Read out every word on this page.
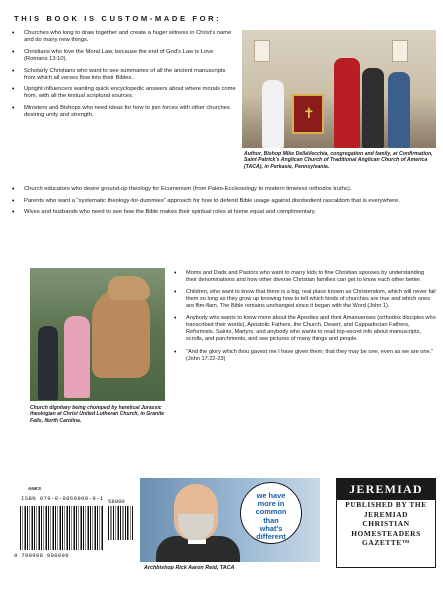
THIS BOOK IS CUSTOM-MADE FOR:
• Churches who long to draw together and create a huger witness in Christ's name and do many new things.
• Christians who love the Moral Law, because the end of God's Law is Love (Romans 13:10).
• Scholarly Christians who want to see summaries of all the ancient manuscripts from which all verses flow into their Bibles.
• Upright influencers wanting quick encyclopedic answers about where morals come from, with all the textual scriptural sources.
• Ministers and Bishops who need ideas for how to join forces with other churches desiring unity and strength.
✝
Author, Bishop Mike DellaVecchia, congregation and family, at Confirmation, Saint Patrick's Anglican Church of Traditional Anglican Church of America (TACA), in Perkasie, Pennsylvania.
• Church educators who desire ground-up theology for Ecumenism (from Paleo-Ecclesiology to modern timeless orthodox truths).
• Parents who want a "systematic theology-for-dummies" approach for how to defend Bible usage against disobedient rascaldom that is everywhere.
• Wives and husbands who need to see how the Bible makes their spiritual roles at home equal and complimentary.
Church dignitary being chomped by heretical Jurassic theologian at Christ United Lutheran Church, in Granite Falls, North Carolina.
• Moms and Dads and Pastors who want to marry kids to fine Christian spouses by understanding their denominations and how other diverse Christian families can get to know each other better.
• Children, who want to know that there is a big, real place known as Christendom, which will never fail them so long as they grow up knowing how to tell which kinds of churches are true and which ones are flim-flam. The Bible remains unchanged since it began with the Word (John 1).
• Anybody who wants to know more about the Apostles and their Amanuenses (orthodox disciples who transcribed their words), Apostolic Fathers, the Church, Desert, and Cappadocian Fathers, Reformists, Saints, Martyrs, and anybody who wants to read top-secret info about manuscripts, scrolls, and parchments, and see pictures of many things and people.
• "And the glory which thou gavest me I have given them; that they may be one, even as we are one." (John 17:22-23)
ANKS
ISBN 979-8-9869900-9-1 58000
9 798988 900099
we have
more in
common
than
what's
different
Archbishop Rick Aaron Reid, TACA
JEREMIAD
PUBLISHED BY THE
JEREMIAD
CHRISTIAN
HOMESTEADERS
GAZETTE™
